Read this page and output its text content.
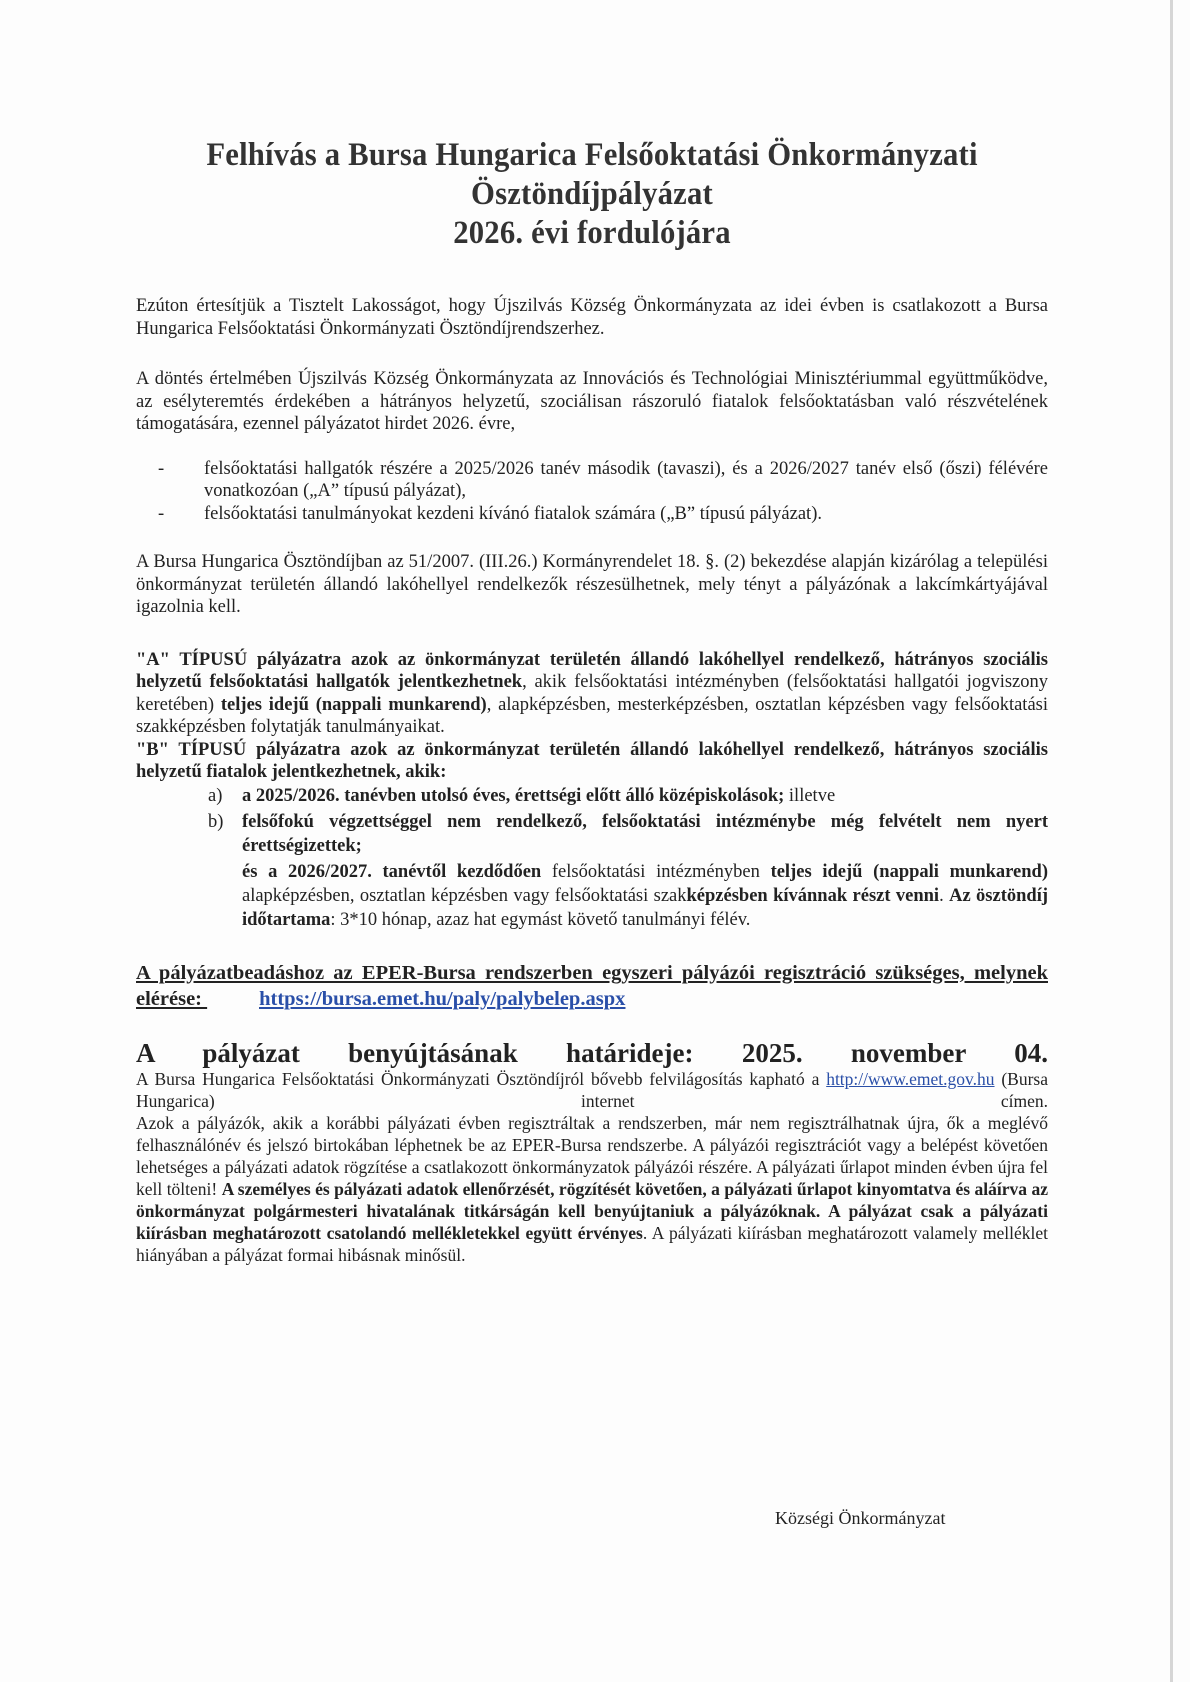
Felhívás a Bursa Hungarica Felsőoktatási Önkormányzati
Ösztöndíjpályázat
2026. évi fordulójára

Ezúton értesítjük a Tisztelt Lakosságot, hogy Újszilvás Község Önkormányzata az idei évben is csatlakozott a Bursa Hungarica Felsőoktatási Önkormányzati Ösztöndíjrendszerhez.

A döntés értelmében Újszilvás Község Önkormányzata az Innovációs és Technológiai Minisztériummal együttműködve, az esélyteremtés érdekében a hátrányos helyzetű, szociálisan rászoruló fiatalok felsőoktatásban való részvételének támogatására, ezennel pályázatot hirdet 2026. évre,

- felsőoktatási hallgatók részére a 2025/2026 tanév második (tavaszi), és a 2026/2027 tanév első (őszi) félévére vonatkozóan („A” típusú pályázat),
- felsőoktatási tanulmányokat kezdeni kívánó fiatalok számára („B” típusú pályázat).

A Bursa Hungarica Ösztöndíjban az 51/2007. (III.26.) Kormányrendelet 18. §. (2) bekezdése alapján kizárólag a települési önkormányzat területén állandó lakóhellyel rendelkezők részesülhetnek, mely tényt a pályázónak a lakcímkártyájával igazolnia kell.

"A" TÍPUSÚ pályázatra azok az önkormányzat területén állandó lakóhellyel rendelkező, hátrányos szociális helyzetű felsőoktatási hallgatók jelentkezhetnek, akik felsőoktatási intézményben (felsőoktatási hallgatói jogviszony keretében) teljes idejű (nappali munkarend), alapképzésben, mesterképzésben, osztatlan képzésben vagy felsőoktatási szakképzésben folytatják tanulmányaikat.

"B" TÍPUSÚ pályázatra azok az önkormányzat területén állandó lakóhellyel rendelkező, hátrányos szociális helyzetű fiatalok jelentkezhetnek, akik:

a) a 2025/2026. tanévben utolsó éves, érettségi előtt álló középiskolások; illetve
b) felsőfokú végzettséggel nem rendelkező, felsőoktatási intézménybe még felvételt nem nyert érettségizettek;

és a 2026/2027. tanévtől kezdődően felsőoktatási intézményben teljes idejű (nappali munkarend) alapképzésben, osztatlan képzésben vagy felsőoktatási szakképzésben kívánnak részt venni. Az ösztöndíj időtartama: 3*10 hónap, azaz hat egymást követő tanulmányi félév.

A pályázatbeadáshoz az EPER-Bursa rendszerben egyszeri pályázói regisztráció szükséges, melynek elérése:	https://bursa.emet.hu/paly/palybelep.aspx

A pályázat benyújtásának határideje: 2025. november 04.

A Bursa Hungarica Felsőoktatási Önkormányzati Ösztöndíjról bővebb felvilágosítás kapható a http://www.emet.gov.hu (Bursa Hungarica) internet címen.

Azok a pályázók, akik a korábbi pályázati évben regisztráltak a rendszerben, már nem regisztrálhatnak újra, ők a meglévő felhasználónév és jelszó birtokában léphetnek be az EPER-Bursa rendszerbe. A pályázói regisztrációt vagy a belépést követően lehetséges a pályázati adatok rögzítése a csatlakozott önkormányzatok pályázói részére. A pályázati űrlapot minden évben újra fel kell tölteni! A személyes és pályázati adatok ellenőrzését, rögzítését követően, a pályázati űrlapot kinyomtatva és aláírva az önkormányzat polgármesteri hivatalának titkárságán kell benyújtaniuk a pályázóknak. A pályázat csak a pályázati kiírásban meghatározott csatolandó mellékletekkel együtt érvényes. A pályázati kiírásban meghatározott valamely melléklet hiányában a pályázat formai hibásnak minősül.

Községi Önkormányzat
